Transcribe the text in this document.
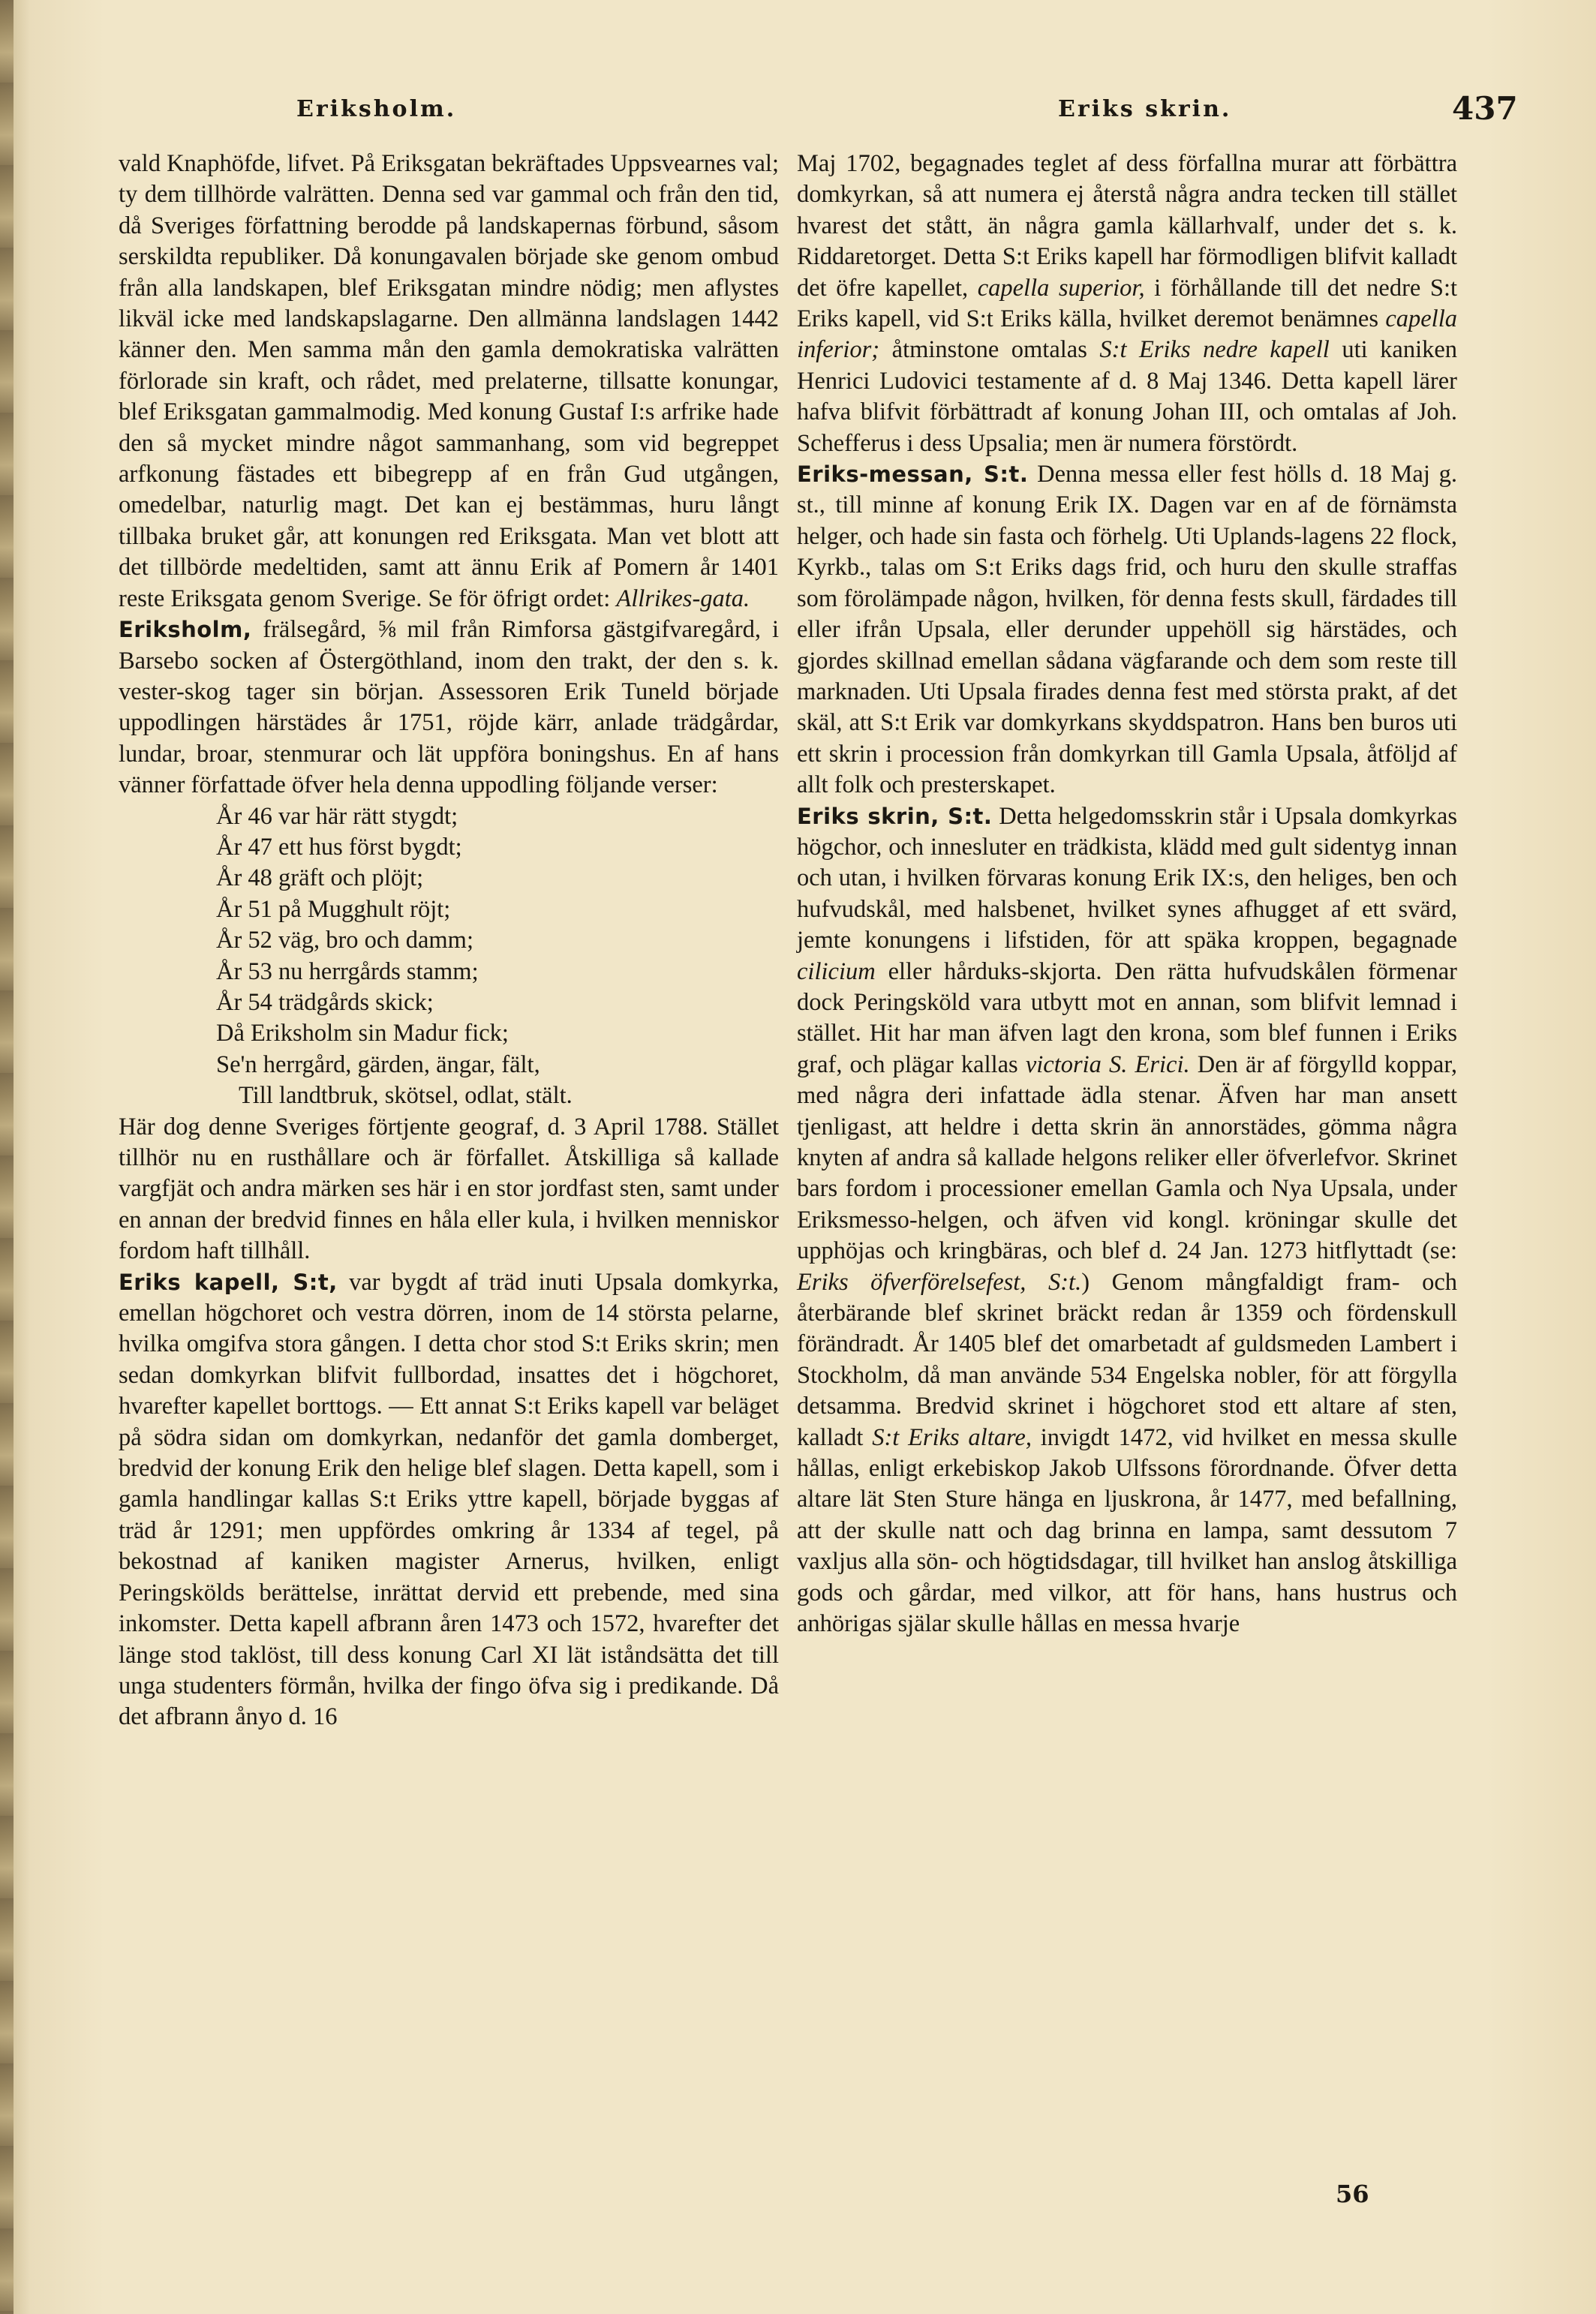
Eriksholm.	Eriks skrin.	437

vald Knaphöfde, lifvet. På Eriksgatan bekräftades Uppsvearnes val; ty dem tillhörde valrätten. Denna sed var gammal och från den tid, då Sveriges författning berodde på landskapernas förbund, såsom serskildta republiker. Då konungavalen började ske genom ombud från alla landskapen, blef Eriksgatan mindre nödig; men aflystes likväl icke med landskapslagarne. Den allmänna landslagen 1442 känner den. Men samma mån den gamla demokratiska valrätten förlorade sin kraft, och rådet, med prelaterne, tillsatte konungar, blef Eriksgatan gammalmodig. Med konung Gustaf I:s arfrike hade den så mycket mindre något sammanhang, som vid begreppet arfkonung fästades ett bibegrepp af en från Gud utgången, omedelbar, naturlig magt. Det kan ej bestämmas, huru långt tillbaka bruket går, att konungen red Eriksgata. Man vet blott att det tillbörde medeltiden, samt att ännu Erik af Pomern år 1401 reste Eriksgata genom Sverige. Se för öfrigt ordet: Allrikes-gata.

Eriksholm, frälsegård, ⅝ mil från Rimforsa gästgifvaregård, i Barsebo socken af Östergöthland, inom den trakt, der den s. k. vester-skog tager sin början. Assessoren Erik Tuneld började uppodlingen härstädes år 1751, röjde kärr, anlade trädgårdar, lundar, broar, stenmurar och lät uppföra boningshus. En af hans vänner författade öfver hela denna uppodling följande verser:

År 46 var här rätt stygdt;
År 47 ett hus först bygdt;
År 48 gräft och plöjt;
År 51 på Mugghult röjt;
År 52 väg, bro och damm;
År 53 nu herrgårds stamm;
År 54 trädgårds skick;
Då Eriksholm sin Madur fick;
Se'n herrgård, gärden, ängar, fält,
Till landtbruk, skötsel, odlat, stält.

Här dog denne Sveriges förtjente geograf, d. 3 April 1788. Stället tillhör nu en rusthållare och är förfallet. Åtskilliga så kallade vargfjät och andra märken ses här i en stor jordfast sten, samt under en annan der bredvid finnes en håla eller kula, i hvilken menniskor fordom haft tillhåll.

Eriks kapell, S:t, var bygdt af träd inuti Upsala domkyrka, emellan högchoret och vestra dörren, inom de 14 största pelarne, hvilka omgifva stora gången. I detta chor stod S:t Eriks skrin; men sedan domkyrkan blifvit fullbordad, insattes det i högchoret, hvarefter kapellet borttogs. — Ett annat S:t Eriks kapell var beläget på södra sidan om domkyrkan, nedanför det gamla domberget, bredvid der konung Erik den helige blef slagen. Detta kapell, som i gamla handlingar kallas S:t Eriks yttre kapell, började byggas af träd år 1291; men uppfördes omkring år 1334 af tegel, på bekostnad af kaniken magister Arnerus, hvilken, enligt Peringskölds berättelse, inrättat dervid ett prebende, med sina inkomster. Detta kapell afbrann åren 1473 och 1572, hvarefter det länge stod taklöst, till dess konung Carl XI lät iståndsätta det till unga studenters förmån, hvilka der fingo öfva sig i predikande. Då det afbrann ånyo d. 16

Maj 1702, begagnades teglet af dess förfallna murar att förbättra domkyrkan, så att numera ej återstå några andra tecken till stället hvarest det stått, än några gamla källarhvalf, under det s. k. Riddaretorget. Detta S:t Eriks kapell har förmodligen blifvit kalladt det öfre kapellet, capella superior, i förhållande till det nedre S:t Eriks kapell, vid S:t Eriks källa, hvilket deremot benämnes capella inferior; åtminstone omtalas S:t Eriks nedre kapell uti kaniken Henrici Ludovici testamente af d. 8 Maj 1346. Detta kapell lärer hafva blifvit förbättradt af konung Johan III, och omtalas af Joh. Schefferus i dess Upsalia; men är numera förstördt.

Eriks-messan, S:t. Denna messa eller fest hölls d. 18 Maj g. st., till minne af konung Erik IX. Dagen var en af de förnämsta helger, och hade sin fasta och förhelg. Uti Uplands-lagens 22 flock, Kyrkb., talas om S:t Eriks dags frid, och huru den skulle straffas som förolämpade någon, hvilken, för denna fests skull, färdades till eller ifrån Upsala, eller derunder uppehöll sig härstädes, och gjordes skillnad emellan sådana vägfarande och dem som reste till marknaden. Uti Upsala firades denna fest med största prakt, af det skäl, att S:t Erik var domkyrkans skyddspatron. Hans ben buros uti ett skrin i procession från domkyrkan till Gamla Upsala, åtföljd af allt folk och presterskapet.

Eriks skrin, S:t. Detta helgedomsskrin står i Upsala domkyrkas högchor, och innesluter en trädkista, klädd med gult sidentyg innan och utan, i hvilken förvaras konung Erik IX:s, den heliges, ben och hufvudskål, med halsbenet, hvilket synes afhugget af ett svärd, jemte konungens i lifstiden, för att späka kroppen, begagnade cilicium eller hårduks-skjorta. Den rätta hufvudskålen förmenar dock Peringsköld vara utbytt mot en annan, som blifvit lemnad i stället. Hit har man äfven lagt den krona, som blef funnen i Eriks graf, och plägar kallas victoria S. Erici. Den är af förgylld koppar, med några deri infattade ädla stenar. Äfven har man ansett tjenligast, att heldre i detta skrin än annorstädes, gömma några knyten af andra så kallade helgons reliker eller öfverlefvor. Skrinet bars fordom i processioner emellan Gamla och Nya Upsala, under Eriksmesso-helgen, och äfven vid kongl. kröningar skulle det upphöjas och kringbäras, och blef d. 24 Jan. 1273 hitflyttadt (se: Eriks öfverförelsefest, S:t.) Genom mångfaldigt fram- och återbärande blef skrinet bräckt redan år 1359 och fördenskull förändradt. År 1405 blef det omarbetadt af guldsmeden Lambert i Stockholm, då man använde 534 Engelska nobler, för att förgylla detsamma. Bredvid skrinet i högchoret stod ett altare af sten, kalladt S:t Eriks altare, invigdt 1472, vid hvilket en messa skulle hållas, enligt erkebiskop Jakob Ulfssons förordnande. Öfver detta altare lät Sten Sture hänga en ljuskrona, år 1477, med befallning, att der skulle natt och dag brinna en lampa, samt dessutom 7 vaxljus alla sön- och högtidsdagar, till hvilket han anslog åtskilliga gods och gårdar, med vilkor, att för hans, hans hustrus och anhörigas själar skulle hållas en messa hvarje

56
